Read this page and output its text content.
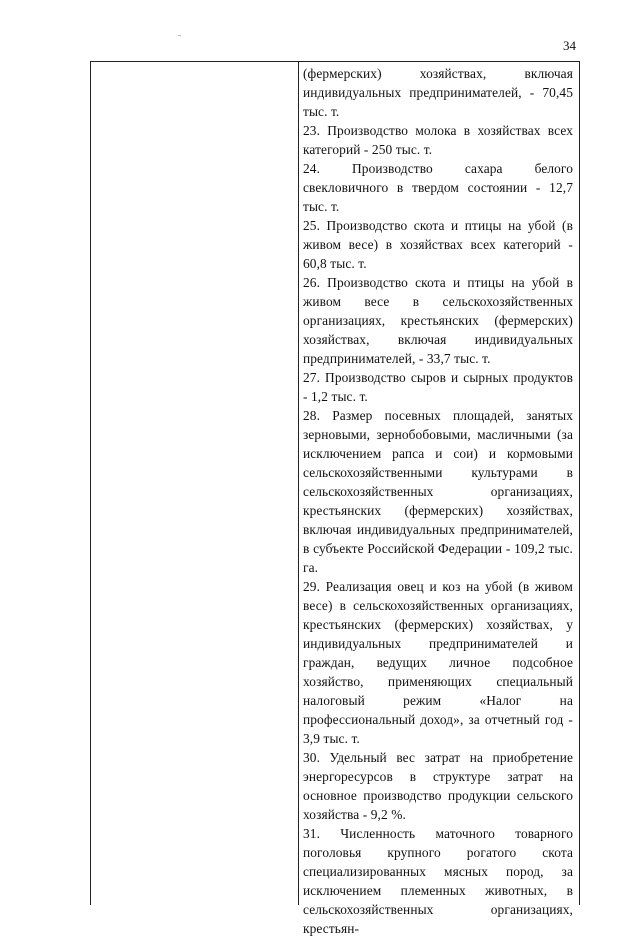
34

(фермерских) хозяйствах, включая индивидуальных предпринимателей, - 70,45 тыс. т.

23. Производство молока в хозяйствах всех категорий - 250 тыс. т.

24. Производство сахара белого свекловичного в твердом состоянии - 12,7 тыс. т.

25. Производство скота и птицы на убой (в живом весе) в хозяйствах всех категорий - 60,8 тыс. т.

26. Производство скота и птицы на убой в живом весе в сельскохозяйственных организациях, крестьянских (фермерских) хозяйствах, включая индивидуальных предпринимателей, - 33,7 тыс. т.

27. Производство сыров и сырных продуктов - 1,2 тыс. т.

28. Размер посевных площадей, занятых зерновыми, зернобобовыми, масличными (за исключением рапса и сои) и кормовыми сельскохозяйственными культурами в сельскохозяйственных организациях, крестьянских (фермерских) хозяйствах, включая индивидуальных предпринимателей, в субъекте Российской Федерации - 109,2 тыс. га.

29. Реализация овец и коз на убой (в живом весе) в сельскохозяйственных организациях, крестьянских (фермерских) хозяйствах, у индивидуальных предпринимателей и граждан, ведущих личное подсобное хозяйство, применяющих специальный налоговый режим «Налог на профессиональный доход», за отчетный год - 3,9 тыс. т.

30. Удельный вес затрат на приобретение энергоресурсов в структуре затрат на основное производство продукции сельского хозяйства - 9,2 %.

31. Численность маточного товарного поголовья крупного рогатого скота специализированных мясных пород, за исключением племенных животных, в сельскохозяйственных организациях, крестьян-
